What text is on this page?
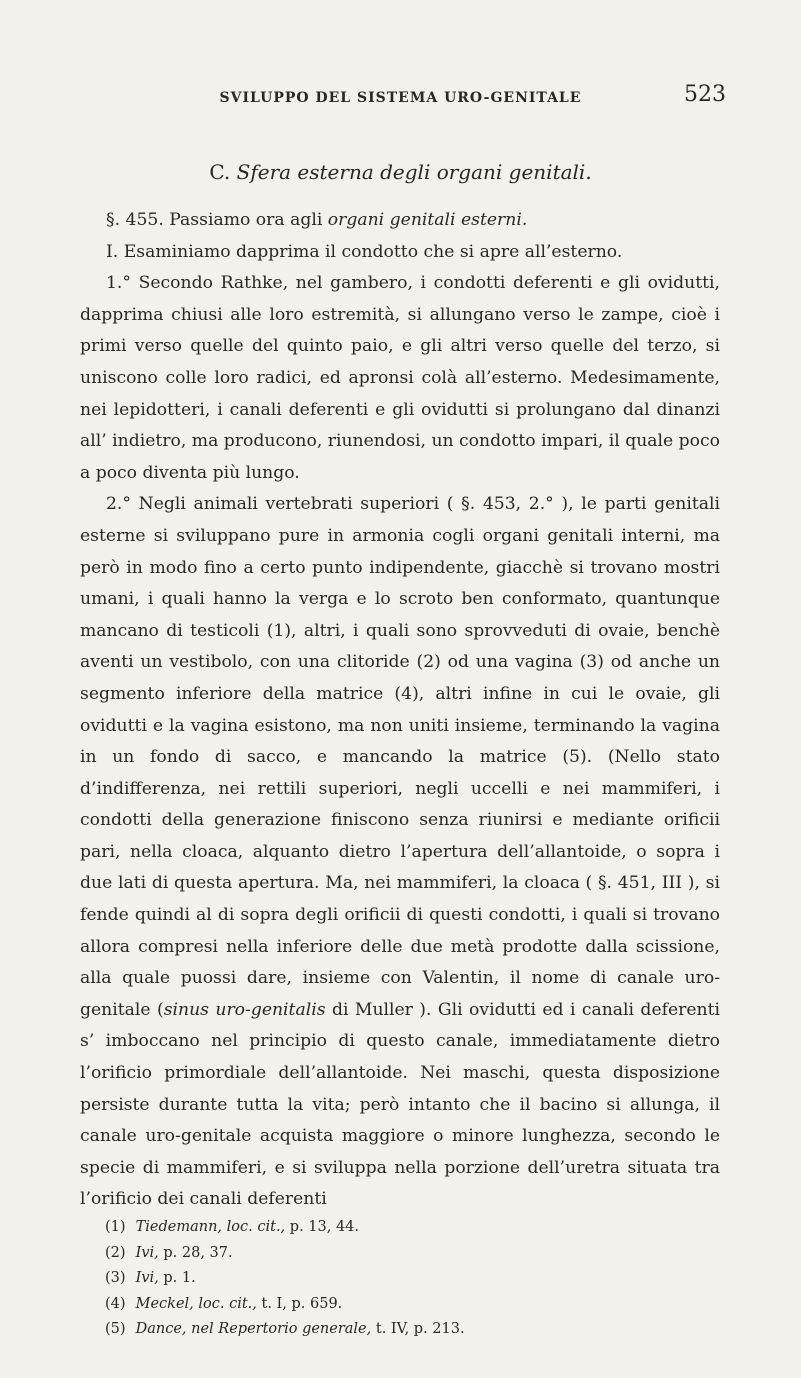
SVILUPPO DEL SISTEMA URO-GENITALE	523
C. Sfera esterna degli organi genitali.

§. 455. Passiamo ora agli organi genitali esterni.

I. Esaminiamo dapprima il condotto che si apre all’esterno.

1.° Secondo Rathke, nel gambero, i condotti deferenti e gli ovidutti, dapprima chiusi alle loro estremità, si allungano verso le zampe, cioè i primi verso quelle del quinto paio, e gli altri verso quelle del terzo, si uniscono colle loro radici, ed apronsi colà all’esterno. Medesimamente, nei lepidotteri, i canali deferenti e gli ovidutti si prolungano dal dinanzi all’ indietro, ma producono, riunendosi, un condotto impari, il quale poco a poco diventa più lungo.

2.° Negli animali vertebrati superiori ( §. 453, 2.° ), le parti genitali esterne si sviluppano pure in armonia cogli organi genitali interni, ma però in modo fino a certo punto indipendente, giacchè si trovano mostri umani, i quali hanno la verga e lo scroto ben conformato, quantunque mancano di testicoli (1), altri, i quali sono sprovveduti di ovaie, benchè aventi un vestibolo, con una clitoride (2) od una vagina (3) od anche un segmento inferiore della matrice (4), altri infine in cui le ovaie, gli ovidutti e la vagina esistono, ma non uniti insieme, terminando la vagina in un fondo di sacco, e mancando la matrice (5). (Nello stato d’indifferenza, nei rettili superiori, negli uccelli e nei mammiferi, i condotti della generazione finiscono senza riunirsi e mediante orificii pari, nella cloaca, alquanto dietro l’apertura dell’allantoide, o sopra i due lati di questa apertura. Ma, nei mammiferi, la cloaca ( §. 451, III ), si fende quindi al di sopra degli orificii di questi condotti, i quali si trovano allora compresi nella inferiore delle due metà prodotte dalla scissione, alla quale puossi dare, insieme con Valentin, il nome di canale uro-genitale (sinus uro-genitalis di Muller ). Gli ovidutti ed i canali deferenti s’ imboccano nel principio di questo canale, immediatamente dietro l’orificio primordiale dell’allantoide. Nei maschi, questa disposizione persiste durante tutta la vita; però intanto che il bacino si allunga, il canale uro-genitale acquista maggiore o minore lunghezza, secondo le specie di mammiferi, e si sviluppa nella porzione dell’uretra situata tra l’orificio dei canali deferenti

(1) Tiedemann, loc. cit., p. 13, 44.
(2) Ivi, p. 28, 37.
(3) Ivi, p. 1.
(4) Meckel, loc. cit., t. I, p. 659.
(5) Dance, nel Repertorio generale, t. IV, p. 213.
